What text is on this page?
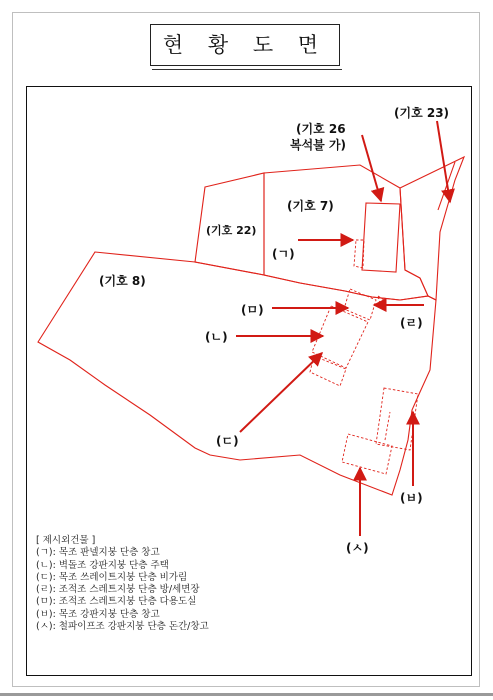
현 황 도 면
(기호 23)
(기호 26
복석불 가)
(기호 7)
(기호 22)
(기호 8)
(ㄱ)
(ㅁ)
(ㄹ)
(ㄴ)
(ㄷ)
(ㅂ)
(ㅅ)
[ 제시외건물 ]
(ㄱ): 목조 판넬지붕 단층 창고
(ㄴ): 벽돌조 강판지붕 단층 주택
(ㄷ): 목조 쓰레이트지붕 단층 비가림
(ㄹ): 조적조 스레트지붕 단층 방/세면장
(ㅁ): 조적조 스레트지붕 단층 다용도실
(ㅂ): 목조 강판지붕 단층 창고
(ㅅ): 철파이프조 강판지붕 단층 돈간/창고
